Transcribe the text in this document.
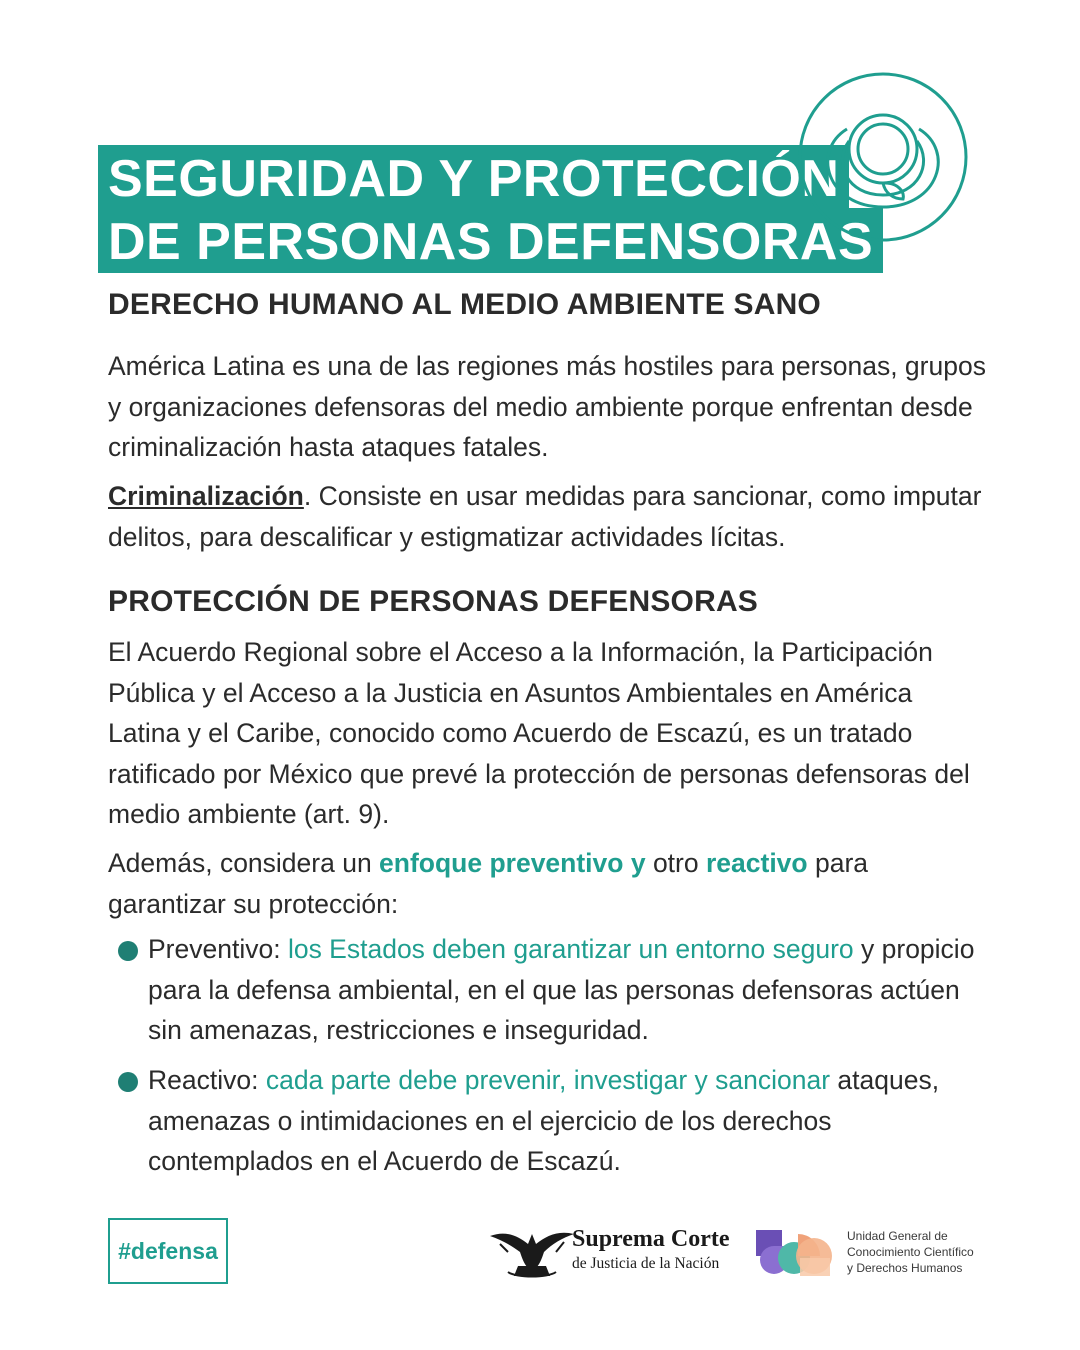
SEGURIDAD Y PROTECCIÓN
DE PERSONAS DEFENSORAS
DERECHO HUMANO AL MEDIO AMBIENTE SANO

América Latina es una de las regiones más hostiles para personas, grupos y organizaciones defensoras del medio ambiente porque enfrentan desde criminalización hasta ataques fatales.

Criminalización. Consiste en usar medidas para sancionar, como imputar delitos, para descalificar y estigmatizar actividades lícitas.

PROTECCIÓN DE PERSONAS DEFENSORAS

El Acuerdo Regional sobre el Acceso a la Información, la Participación Pública y el Acceso a la Justicia en Asuntos Ambientales en América Latina y el Caribe, conocido como Acuerdo de Escazú, es un tratado ratificado por México que prevé la protección de personas defensoras del medio ambiente (art. 9).

Además, considera un enfoque preventivo y otro reactivo para garantizar su protección:

Preventivo: los Estados deben garantizar un entorno seguro y propicio para la defensa ambiental, en el que las personas defensoras actúen sin amenazas, restricciones e inseguridad.
Reactivo: cada parte debe prevenir, investigar y sancionar ataques, amenazas o intimidaciones en el ejercicio de los derechos contemplados en el Acuerdo de Escazú.
#defensa	Suprema Corte
de Justicia de la Nación
Unidad General de
Conocimiento Científico
y Derechos Humanos
